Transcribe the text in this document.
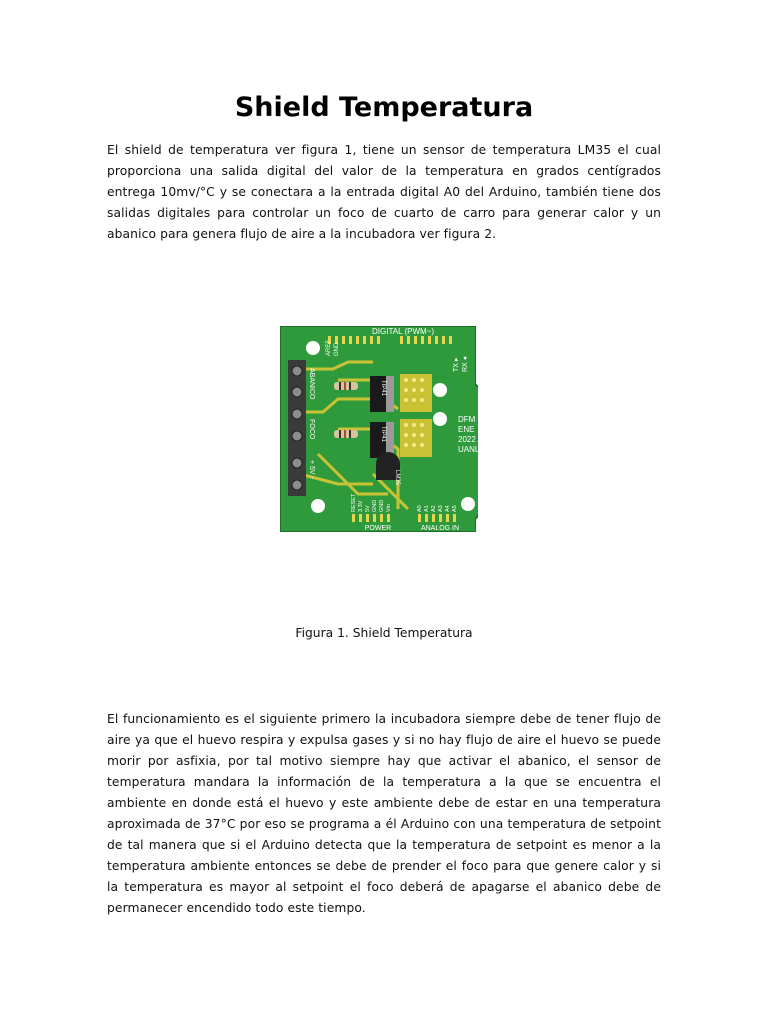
Shield Temperatura

El shield de temperatura ver figura 1, tiene un sensor de temperatura LM35 el cual proporciona una salida digital del valor de la temperatura en grados centígrados entrega 10mv/°C y se conectara a la entrada digital A0 del Arduino, también tiene dos salidas digitales para controlar un foco de cuarto de carro para generar calor y un abanico para genera flujo de aire a la incubadora ver figura 2.

DIGITAL (PWM~)
AREF GND
TX ▸ RX ◂
ABANICO
FOCO
+ 5V -
TIP41
TIP41
LM35
DFM
ENE
2022
UANL
RESET 3.3V 5V GND GND Vin	A0 A1 A2 A3 A4 A5
POWER	ANALOG IN

Figura 1. Shield Temperatura

El funcionamiento es el siguiente primero la incubadora siempre debe de tener flujo de aire ya que el huevo respira y expulsa gases y si no hay flujo de aire el huevo se puede morir por asfixia, por tal motivo siempre hay que activar el abanico, el sensor de temperatura mandara la información de la temperatura a la que se encuentra el ambiente en donde está el huevo y este ambiente debe de estar en una temperatura aproximada de 37°C por eso se programa a él Arduino con una temperatura de setpoint de tal manera que si el Arduino detecta que la temperatura de setpoint es menor a la temperatura ambiente entonces se debe de prender el foco para que genere calor y si la temperatura es mayor al setpoint el foco deberá de apagarse el abanico debe de permanecer encendido todo este tiempo.
